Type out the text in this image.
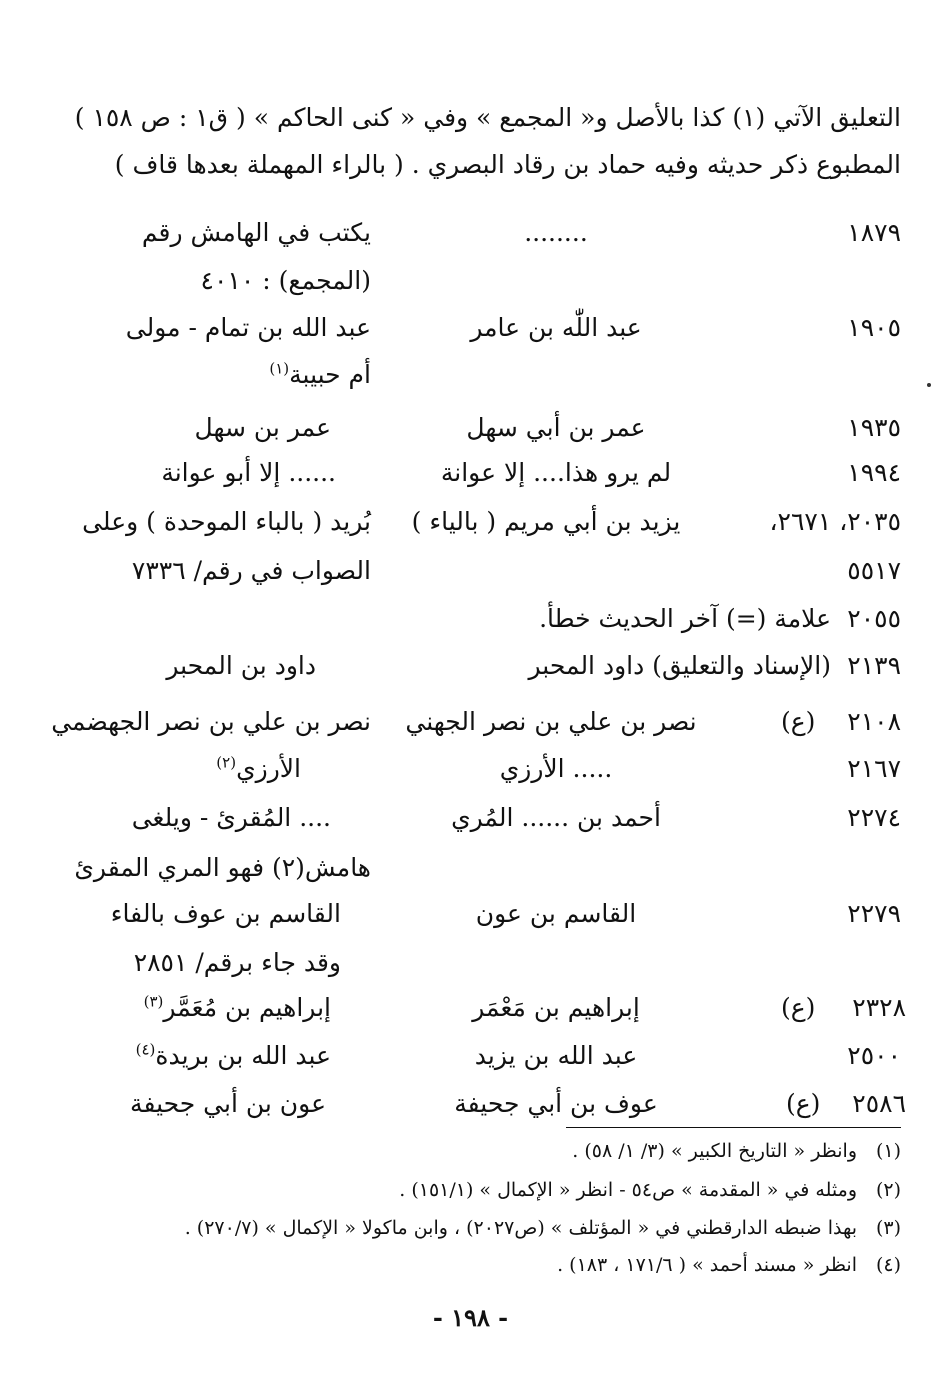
التعليق الآتي (١) كذا بالأصل و« المجمع » وفي « كنى الحاكم » ( ق١ : ص ١٥٨ )
المطبوع ذكر حديثه وفيه حماد بن رقاد البصري . ( بالراء المهملة بعدها قاف )
١٨٧٩
........
يكتب في الهامش رقم
(المجمع) : ٤٠١٠
١٩٠٥
عبد اللّٰه بن عامر
عبد الله بن تمام - مولى
أم حبيبة$^{(١)}$
١٩٣٥
عمر بن أبي سهل
عمر بن سهل
١٩٩٤
لم يرو هذا.... إلا عوانة
...... إلا أبو عوانة
٢٠٣٥، ٢٦٧١،
يزيد بن أبي مريم ( بالياء )
بُريد ( بالباء الموحدة ) وعلى
٥٥١٧
الصواب في رقم/ ٧٣٣٦
٢٠٥٥
علامة (=) آخر الحديث خطأ.
٢١٣٩
(الإسناد والتعليق) داود المحبر
داود بن المحبر
٢١٠٨
(ع)
نصر بن علي بن نصر الجهني
نصر بن علي بن نصر الجهضمي
٢١٦٧
..... الأرزي
الأرزي$^{(٢)}$
٢٢٧٤
أحمد بن ...... المُري
.... المُقرئ - ويلغى
هامش(٢) فهو المري المقرئ
٢٢٧٩
القاسم بن عون
القاسم بن عوف بالفاء
وقد جاء برقم/ ٢٨٥١
٢٣٢٨
(ع)
إبراهيم بن مَعْمَر
إبراهيم بن مُعَمَّر$^{(٣)}$
٢٥٠٠
عبد الله بن يزيد
عبد الله بن بريدة$^{(٤)}$
٢٥٨٦
(ع)
عوف بن أبي جحيفة
عون بن أبي جحيفة
(١)وانظر « التاريخ الكبير » (٣/ ١/ ٥٨) .
(٢)ومثله في « المقدمة » ص٥٤ - انظر « الإكمال » (١٥١/١) .
(٣)بهذا ضبطه الدارقطني في « المؤتلف » (ص٢٠٢٧) ، وابن ماكولا « الإكمال » (٢٧٠/٧) .
(٤)انظر « مسند أحمد » ( ١٧١/٦ ، ١٨٣) .
- ١٩٨ -
